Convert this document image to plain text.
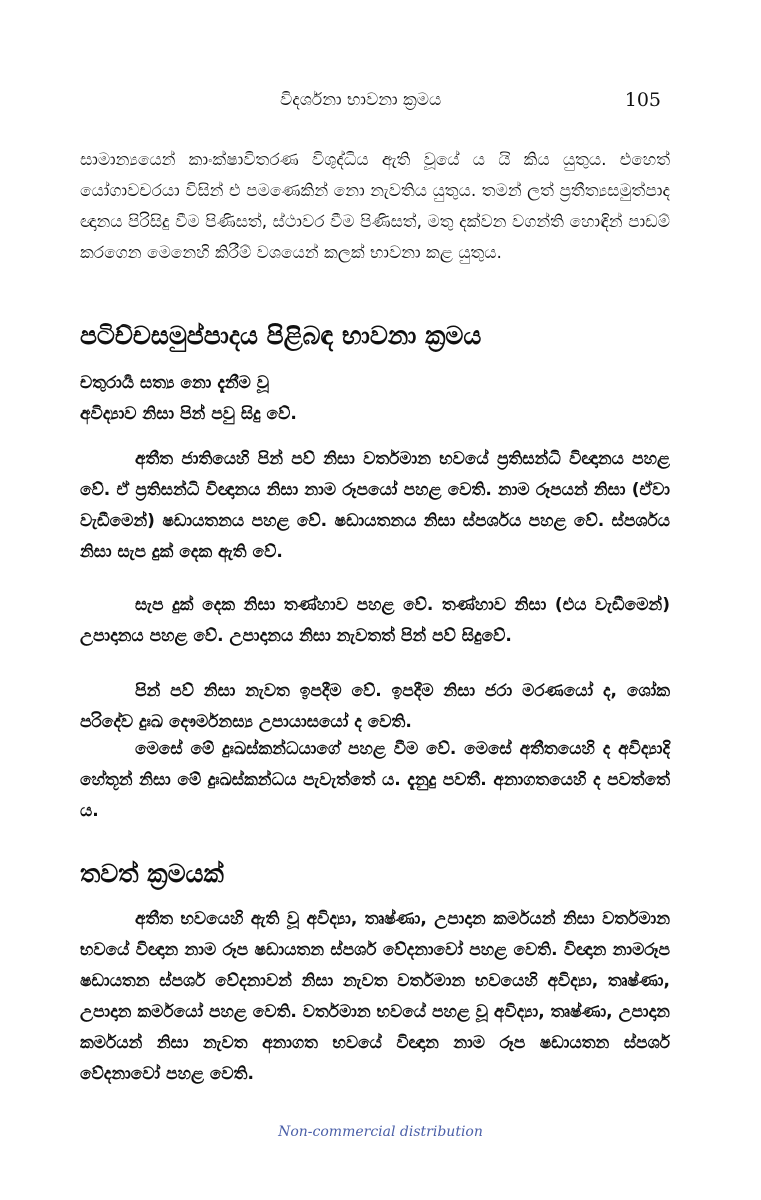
විදර්ශනා භාවනා ක්‍රමය	105

සාමාන්‍යයෙන් කාංක්ෂාවිතරණ විශුද්ධිය ඇති වූයේ ය යි කිය යුතුය. එහෙත් යෝගාවචරයා විසින් එ පමණෙකින් නො නැවතිය යුතුය. තමන් ලත් ප්‍රතීත්‍යසමුත්පාද ඥානය පිරිසිදු වීම පිණිසත්, ස්ථාවර වීම පිණිසත්, මතු දක්වන වගන්ති හොඳින් පාඩම් කරගෙන මෙනෙහි කිරීම් වශයෙන් කලක් භාවනා කළ යුතුය.

පටිච්චසමුප්පාදය පිළිබඳ භාවනා ක්‍රමය

චතුරාර්‍ය සත්‍ය නො දැනීම වූ

අවිද්‍යාව නිසා පින් පවු සිදු වේ.

අතීත ජාතියෙහි පින් පව් නිසා වර්තමාන භවයේ ප්‍රතිසන්ධි විඥානය පහළ වේ. ඒ ප්‍රතිසන්ධි විඥානය නිසා නාම රූපයෝ පහළ වෙති. නාම රූපයන් නිසා (ඒවා වැඩීමෙන්) ෂඩායතනය පහළ වේ. ෂඩායතනය නිසා ස්පර්ශය පහළ වේ. ස්පර්ශය නිසා සැප දුක් දෙක ඇති වේ.

සැප දුක් දෙක නිසා තණ්හාව පහළ වේ. තණ්හාව නිසා (එය වැඩීමෙන්) උපාදානය පහළ වේ. උපාදානය නිසා නැවතත් පින් පව් සිදුවේ.

පින් පව් නිසා නැවත ඉපදීම වේ. ඉපදීම නිසා ජරා මරණයෝ ද, ශෝක පරිදේව දුඃඛ දෞර්මනස්‍ය උපායාසයෝ ද වෙති.

මෙසේ මේ දුඃඛස්කන්ධයාගේ පහළ වීම වේ. මෙසේ අතීතයෙහි ද අවිද්‍යාදි හේතූන් නිසා මේ දුඃඛස්කන්ධය පැවැත්තේ ය. දැනුදු පවතී. අනාගතයෙහි ද පවත්තේ ය.

තවත් ක්‍රමයක්

අතීත භවයෙහි ඇති වූ අවිද්‍යා, තෘෂ්ණා, උපාදාන කර්මයන් නිසා වර්තමාන භවයේ විඥාන නාම රූප ෂඩායතන ස්පර්ශ වේදනාවෝ පහළ වෙති. විඥාන නාමරූප ෂඩායතන ස්පර්ශ වේදනාවන් නිසා නැවත වර්තමාන භවයෙහි අවිද්‍යා, තෘෂ්ණා, උපාදාන කර්මයෝ පහළ වෙති. වර්තමාන භවයේ පහළ වූ අවිද්‍යා, තෘෂ්ණා, උපාදාන කර්මයන් නිසා නැවත අනාගත භවයේ විඥාන නාම රූප ෂඩායතන ස්පර්ශ වේදනාවෝ පහළ වෙති.

Non-commercial distribution
